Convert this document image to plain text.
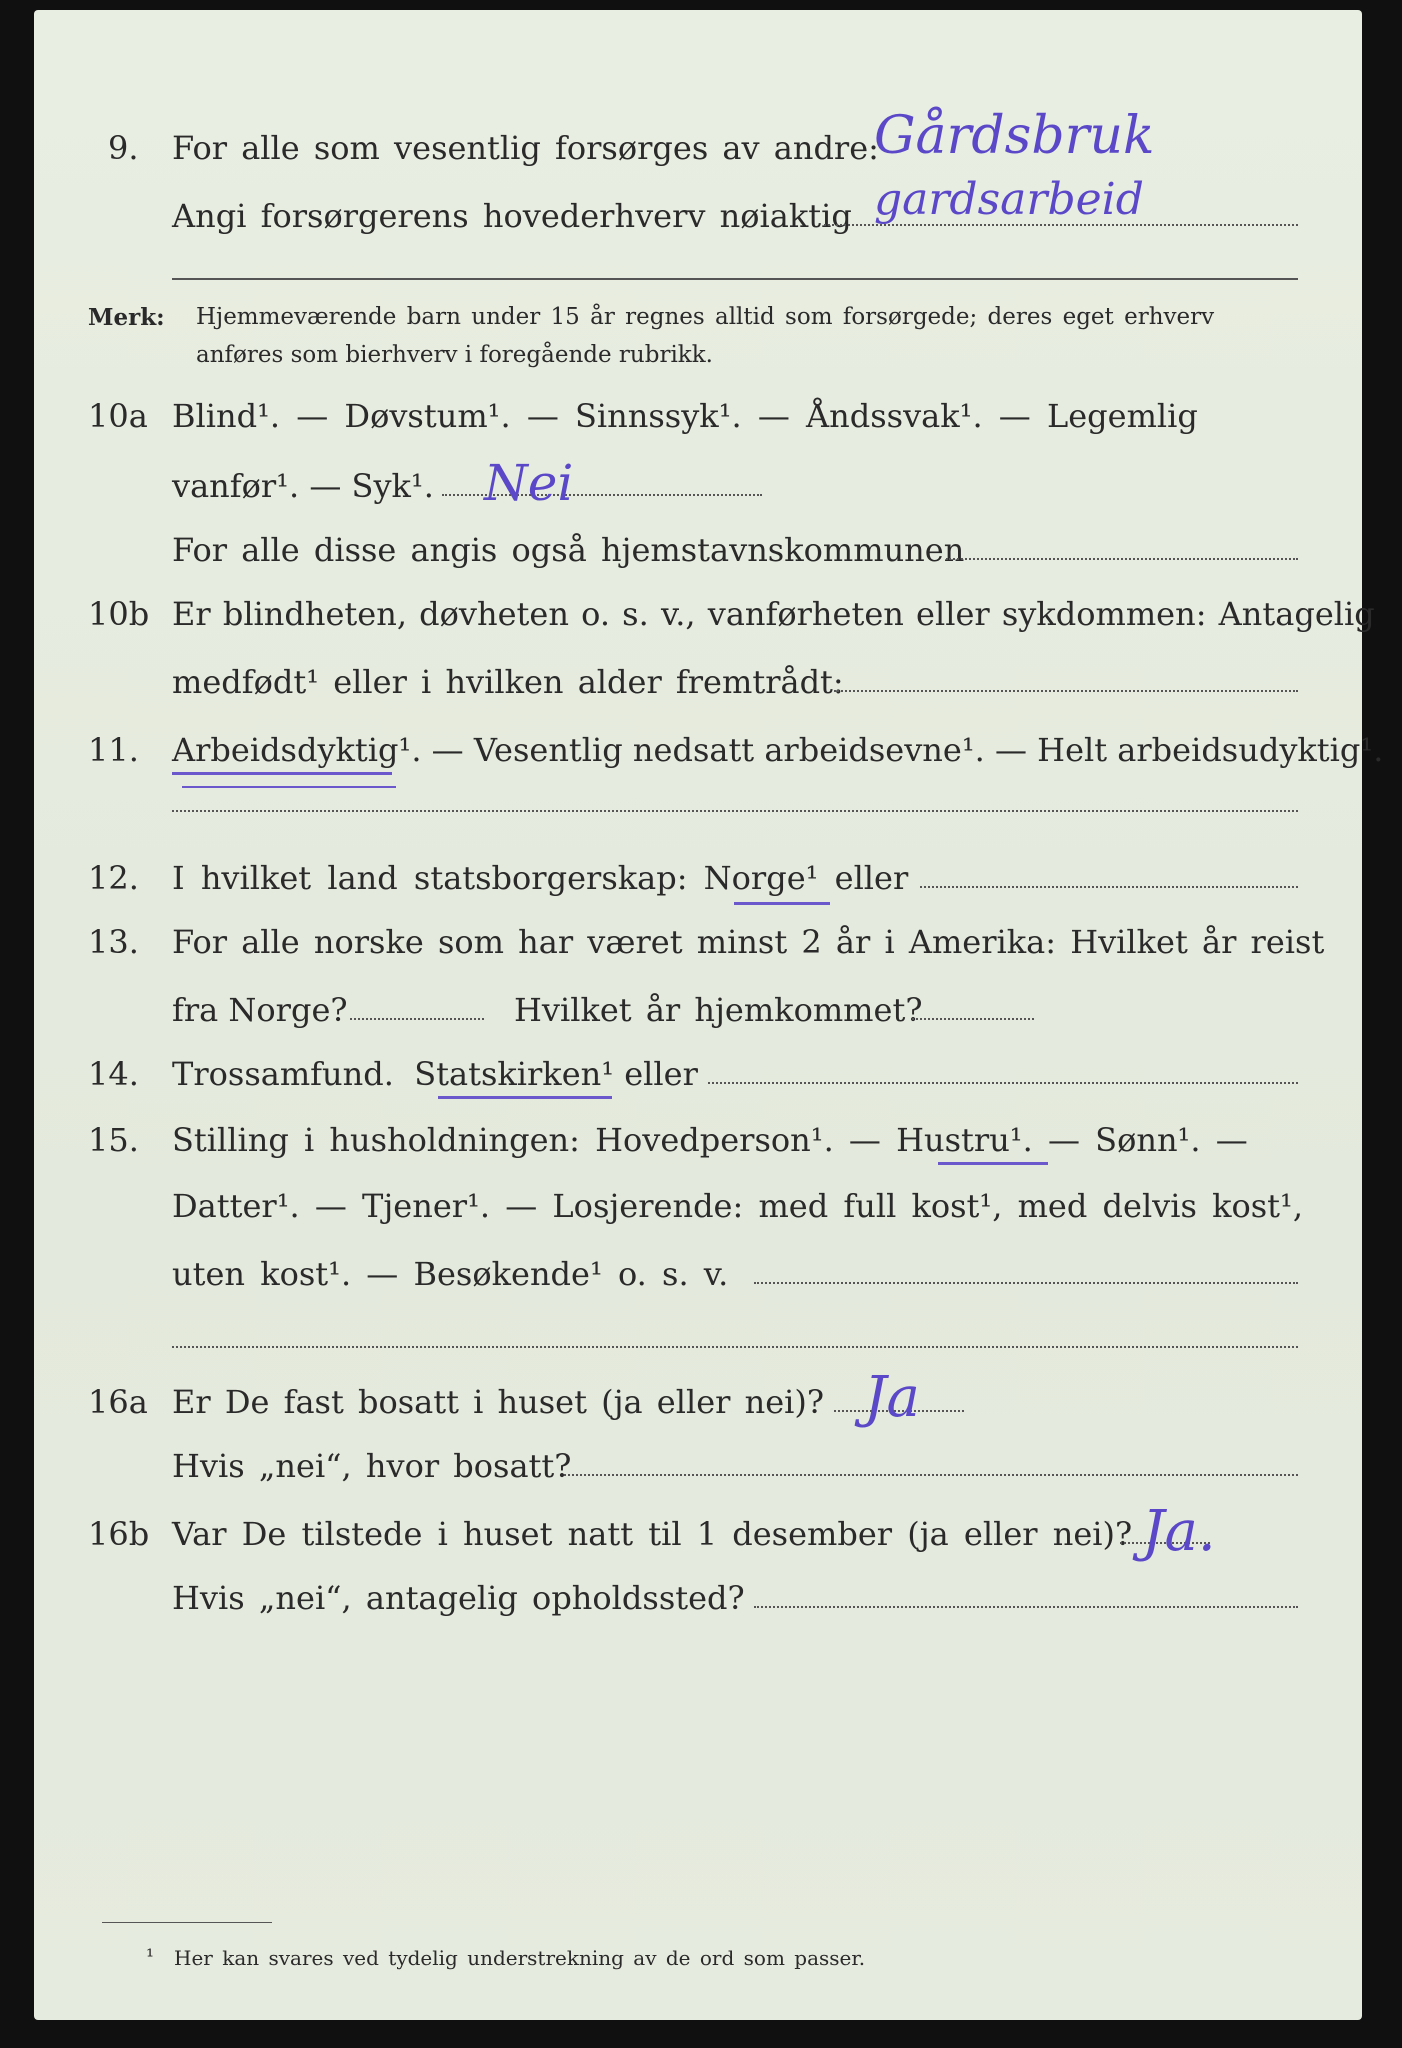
9. For alle som vesentlig forsørges av andre:
Gårdsbruk
Angi forsørgerens hovederhverv nøiaktig gardsarbeid
Merk: Hjemmeværende barn under 15 år regnes alltid som forsørgede; deres eget erhverv
anføres som bierhverv i foregående rubrikk.
10a Blind¹. — Døvstum¹. — Sinnssyk¹. — Åndssvak¹. — Legemlig
vanfør¹. — Syk¹. Nei
For alle disse angis også hjemstavnskommunen
10b Er blindheten, døvheten o. s. v., vanførheten eller sykdommen: Antagelig
medfødt¹ eller i hvilken alder fremtrådt:
11. Arbeidsdyktig¹. — Vesentlig nedsatt arbeidsevne¹. — Helt arbeidsudyktig¹.
12. I hvilket land statsborgerskap: Norge¹ eller
13. For alle norske som har været minst 2 år i Amerika: Hvilket år reist
fra Norge?	Hvilket år hjemkommet?
14. Trossamfund. Statskirken¹ eller
15. Stilling i husholdningen: Hovedperson¹. — Hustru¹. — Sønn¹. —
Datter¹. — Tjener¹. — Losjerende: med full kost¹, med delvis kost¹,
uten kost¹. — Besøkende¹ o. s. v.
16a Er De fast bosatt i huset (ja eller nei)? Ja
Hvis „nei“, hvor bosatt?
16b Var De tilstede i huset natt til 1 desember (ja eller nei)? Ja.
Hvis „nei“, antagelig opholdssted?
¹ Her kan svares ved tydelig understrekning av de ord som passer.
